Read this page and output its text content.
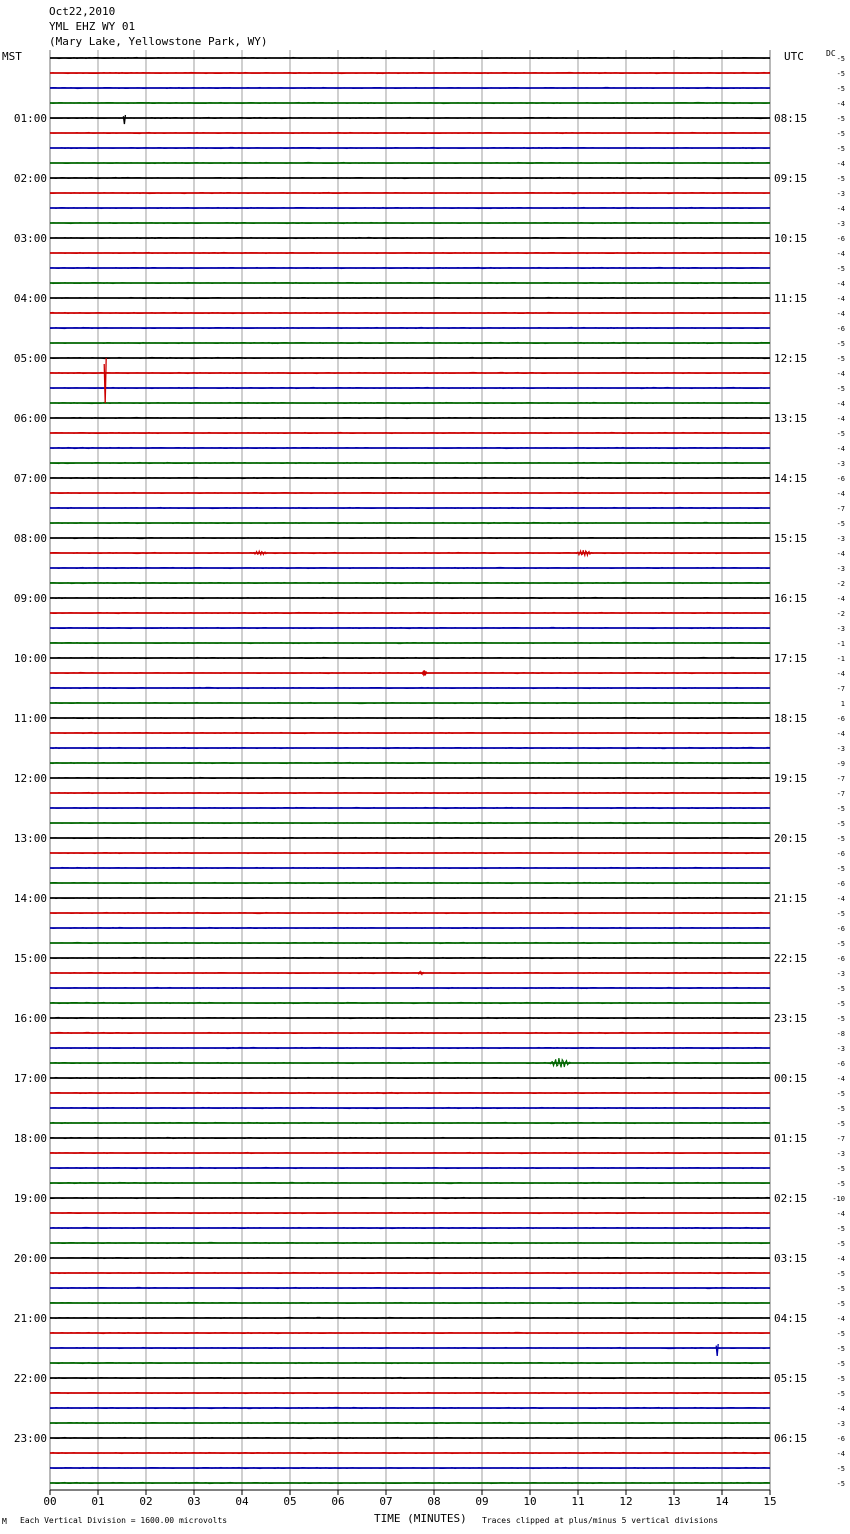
Oct22,2010
YML EHZ WY 01
(Mary Lake, Yellowstone Park, WY)
MST	UTC	DC
-5
-5
-5
-4
-5
-5
-5
-4
-5
-3
-4
-3
-6
-4
-5
-4
-4
-4
-6
-5
-5
-4
-5
-4
-4
-5
-4
-3
-6
-4
-7
-5
-3
-4
-3
-2
-4
-2
-3
-1
-1
-4
-7
1
-6
-4
-3
-9
-7
-7
-5
-5
-5
-6
-5
-6
-4
-5
-6
-5
-6
-3
-5
-5
-5
-8
-3
-6
-4
-5
-5
-5
-7
-3
-5
-5
-10
-4
-5
-5
-4
-5
-5
-5
-4
-5
-5
-5
-5
-5
-4
-3
-6
-4
-5
-5
01:00	08:15
02:00	09:15
03:00	10:15
04:00	11:15
05:00	12:15
06:00	13:15
07:00	14:15
08:00	15:15
09:00	16:15
10:00	17:15
11:00	18:15
12:00	19:15
13:00	20:15
14:00	21:15
15:00	22:15
16:00	23:15
17:00	00:15
18:00	01:15
19:00	02:15
20:00	03:15
21:00	04:15
22:00	05:15
23:00	06:15
00	01	02	03	04	05	06	07	08	09	10	11	12	13	14	15
M Each Vertical Division = 1600.00 microvolts	TIME (MINUTES) Traces clipped at plus/minus 5 vertical divisions
